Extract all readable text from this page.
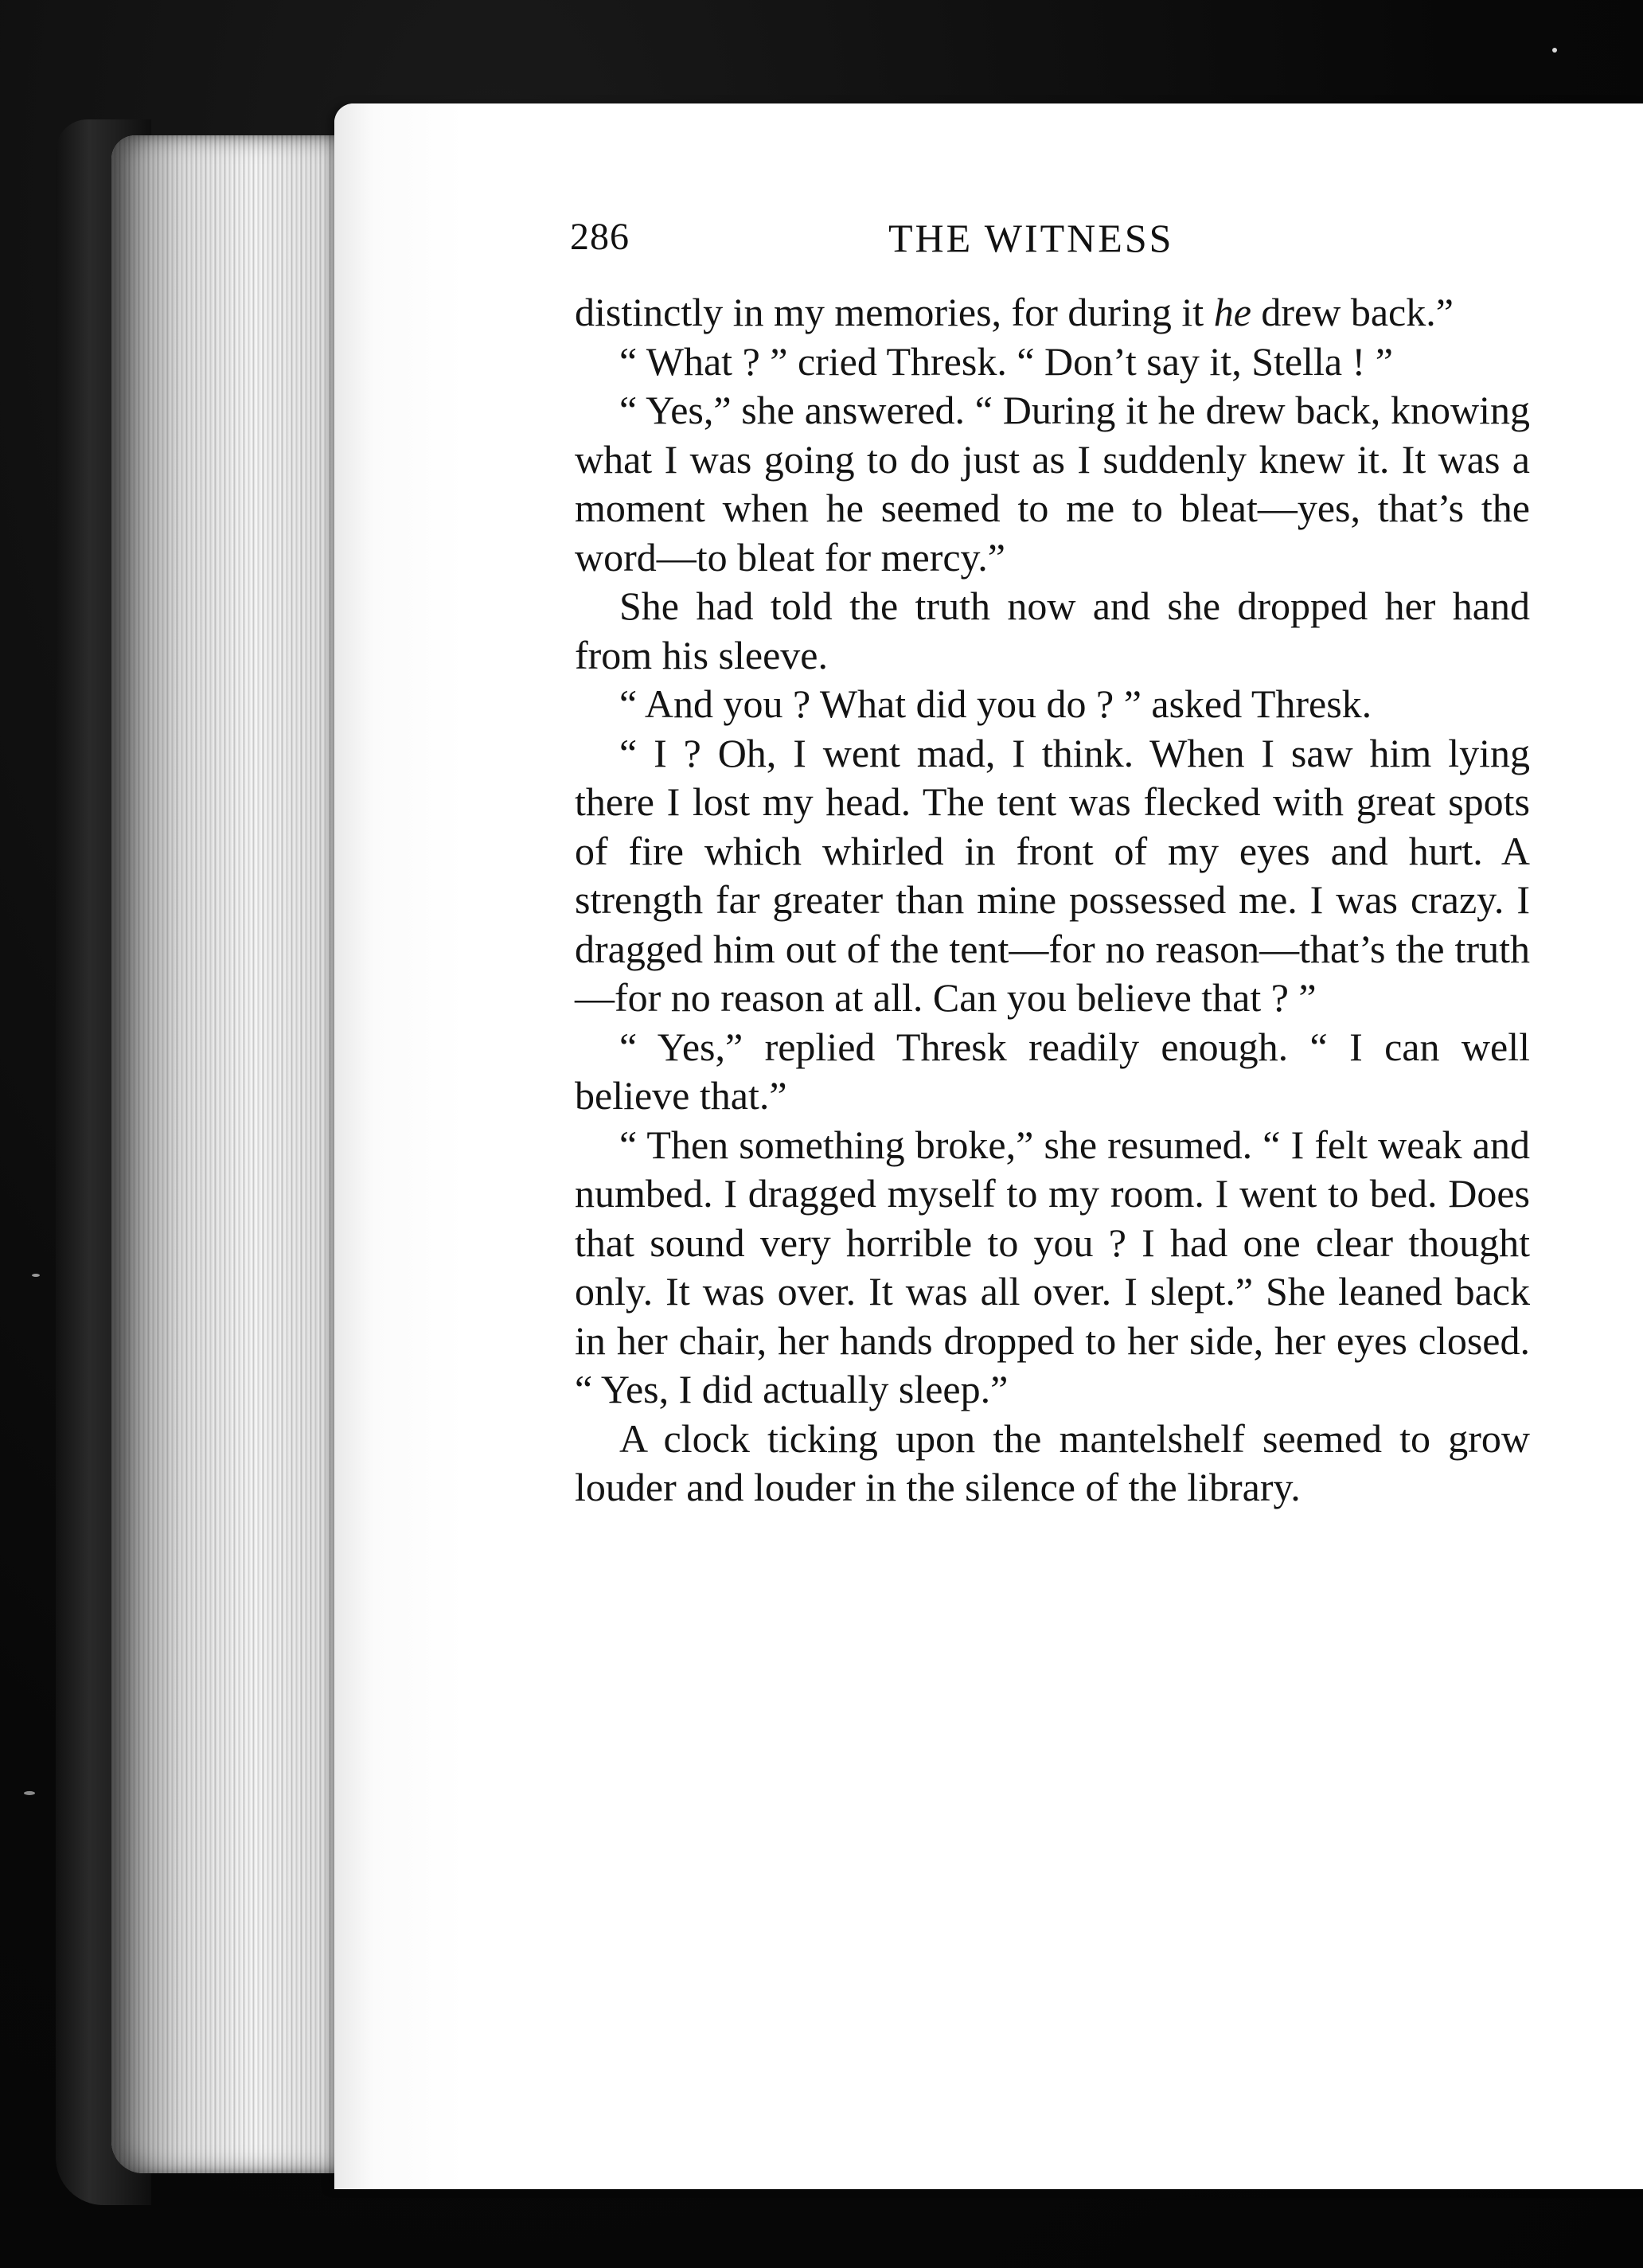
286	THE WITNESS

distinctly in my memories, for during it he drew back.”

“ What ? ” cried Thresk. “ Don’t say it, Stella ! ”

“ Yes,” she answered. “ During it he drew back, knowing what I was going to do just as I suddenly knew it. It was a moment when he seemed to me to bleat—yes, that’s the word—to bleat for mercy.”

She had told the truth now and she dropped her hand from his sleeve.

“ And you ? What did you do ? ” asked Thresk.

“ I ? Oh, I went mad, I think. When I saw him lying there I lost my head. The tent was flecked with great spots of fire which whirled in front of my eyes and hurt. A strength far greater than mine possessed me. I was crazy. I dragged him out of the tent—for no reason—that’s the truth—for no reason at all. Can you believe that ? ”

“ Yes,” replied Thresk readily enough. “ I can well believe that.”

“ Then something broke,” she resumed. “ I felt weak and numbed. I dragged myself to my room. I went to bed. Does that sound very horrible to you ? I had one clear thought only. It was over. It was all over. I slept.” She leaned back in her chair, her hands dropped to her side, her eyes closed. “ Yes, I did actually sleep.”

A clock ticking upon the mantelshelf seemed to grow louder and louder in the silence of the library.
